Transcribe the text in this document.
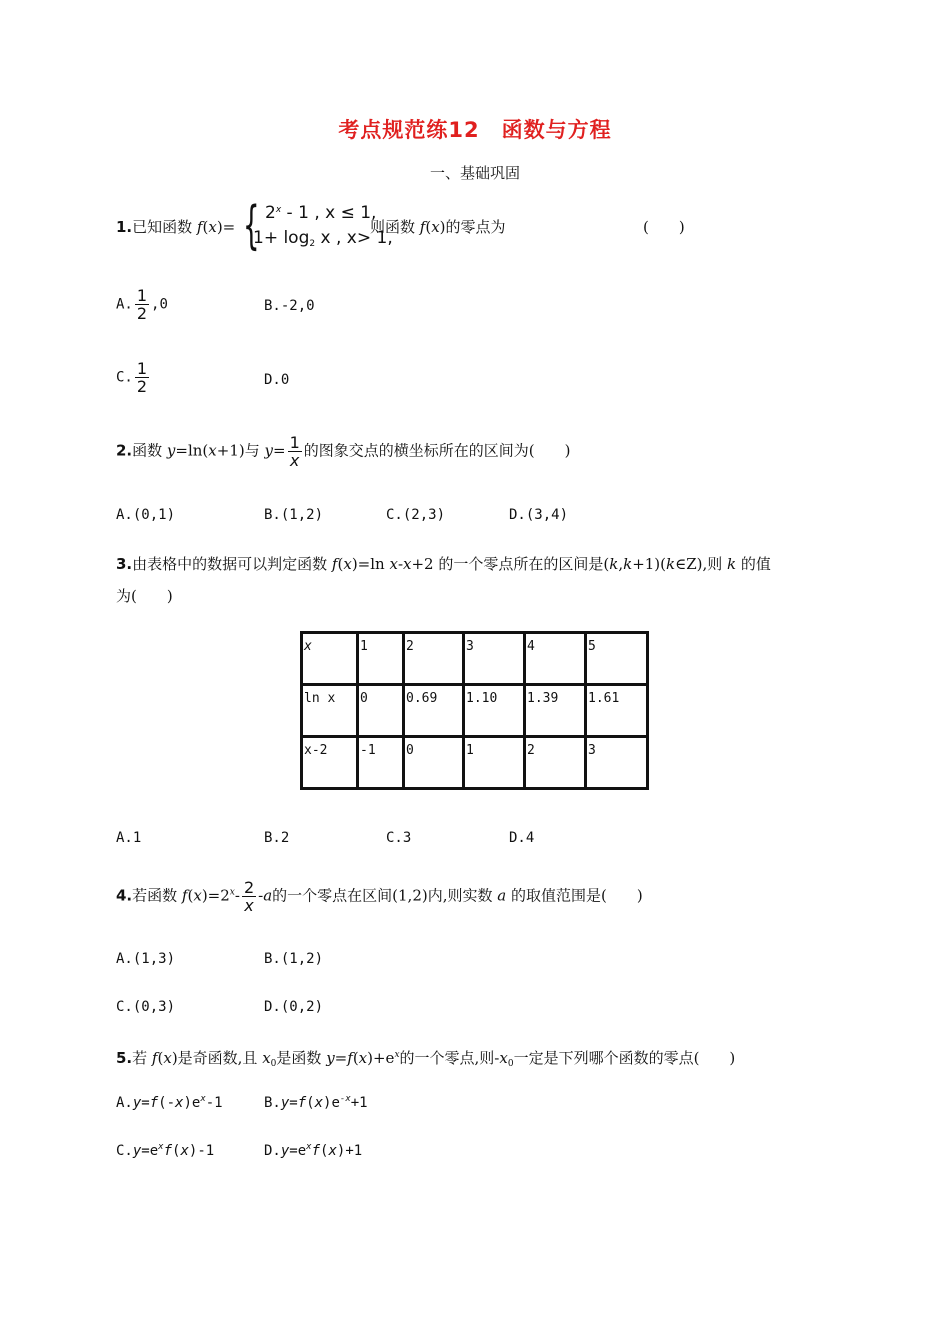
考点规范练12　函数与方程
一、基础巩固
1.已知函数 f(x)= { 2$^x$ - 1 , x ≤ 1,
$1+ \log_2 x$ , x> 1,
则函数 f(x)的零点为	(　　)
A. $\frac{1}{2} ,0$	B.-2,0
C. $\frac{1}{2}$	D.0
2.函数 y=ln(x+1)与 $y= \frac{1}{x}$ 的图象交点的横坐标所在的区间为(　　)
A.(0,1)	B.(1,2)	C.(2,3)	D.(3,4)
3.由表格中的数据可以判定函数 f(x)=ln x-x+2 的一个零点所在的区间是(k,k+1)(k∈Z),则 k 的值
为(　　)
x	1	2	3	4	5
ln x	0	0.69	1.10	1.39	1.61
x-2	-1	0	1	2	3
A.1	B.2	C.3	D.4
4.若函数 $f(x)=2^x- \frac{2}{x} -a$的一个零点在区间(1,2)内,则实数 a 的取值范围是(　　)
A.(1,3)	B.(1,2)
C.(0,3)	D.(0,2)
5.若 f(x)是奇函数,且 $x_0$是函数 $y=f(x)+e^x$的一个零点,则$-x_0$一定是下列哪个函数的零点(　　)
$A.y=f(-x)e^x-1$	$B.y=f(x)e^{-x}+1$
$C.y=e^xf(x)-1$	$D.y=e^xf(x)+1$
